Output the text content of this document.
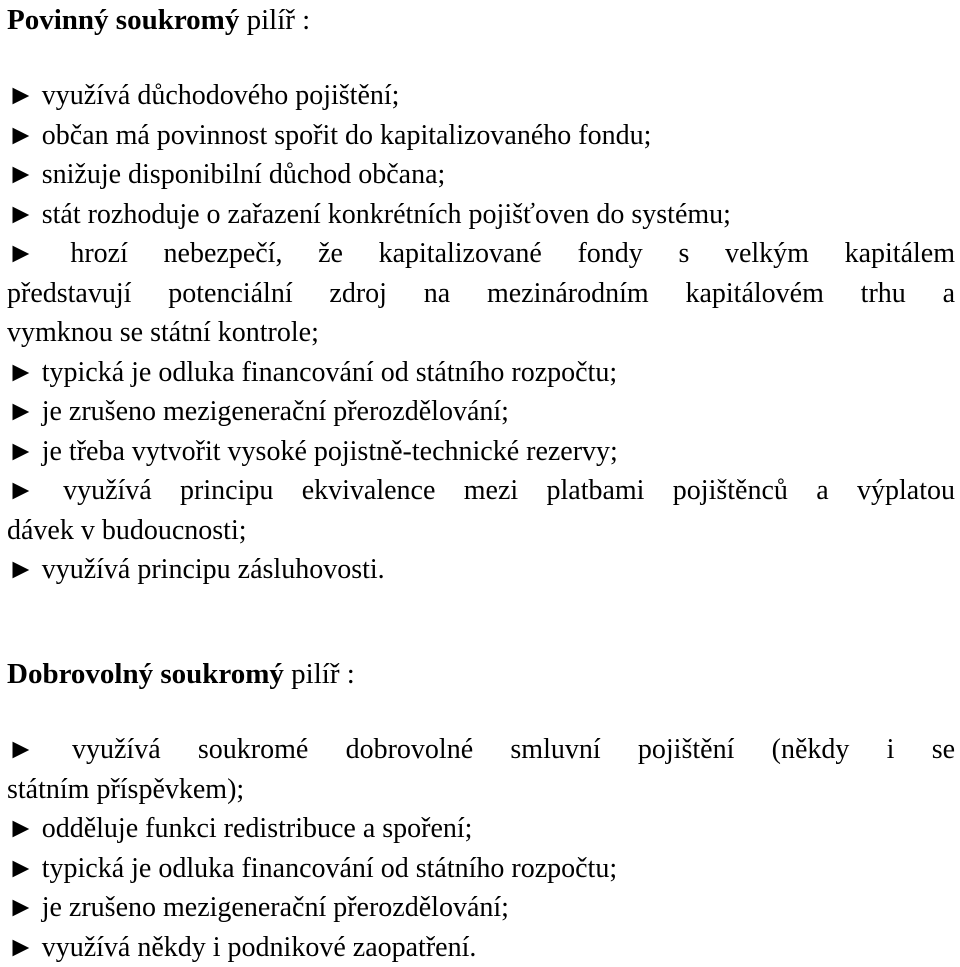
Povinný soukromý pilíř :
► využívá důchodového pojištění;
► občan má povinnost spořit do kapitalizovaného fondu;
► snižuje disponibilní důchod občana;
► stát rozhoduje o zařazení konkrétních pojišťoven do systému;
► hrozí nebezpečí, že kapitalizované fondy s velkým kapitálem
představují potenciální zdroj na mezinárodním kapitálovém trhu a
vymknou se státní kontrole;
► typická je odluka financování od státního rozpočtu;
► je zrušeno mezigenerační přerozdělování;
► je třeba vytvořit vysoké pojistně-technické rezervy;
► využívá principu ekvivalence mezi platbami pojištěnců a výplatou
dávek v budoucnosti;
► využívá principu zásluhovosti.
Dobrovolný soukromý pilíř :
► využívá soukromé dobrovolné smluvní pojištění (někdy i se
státním příspěvkem);
► odděluje funkci redistribuce a spoření;
► typická je odluka financování od státního rozpočtu;
► je zrušeno mezigenerační přerozdělování;
► využívá někdy i podnikové zaopatření.
